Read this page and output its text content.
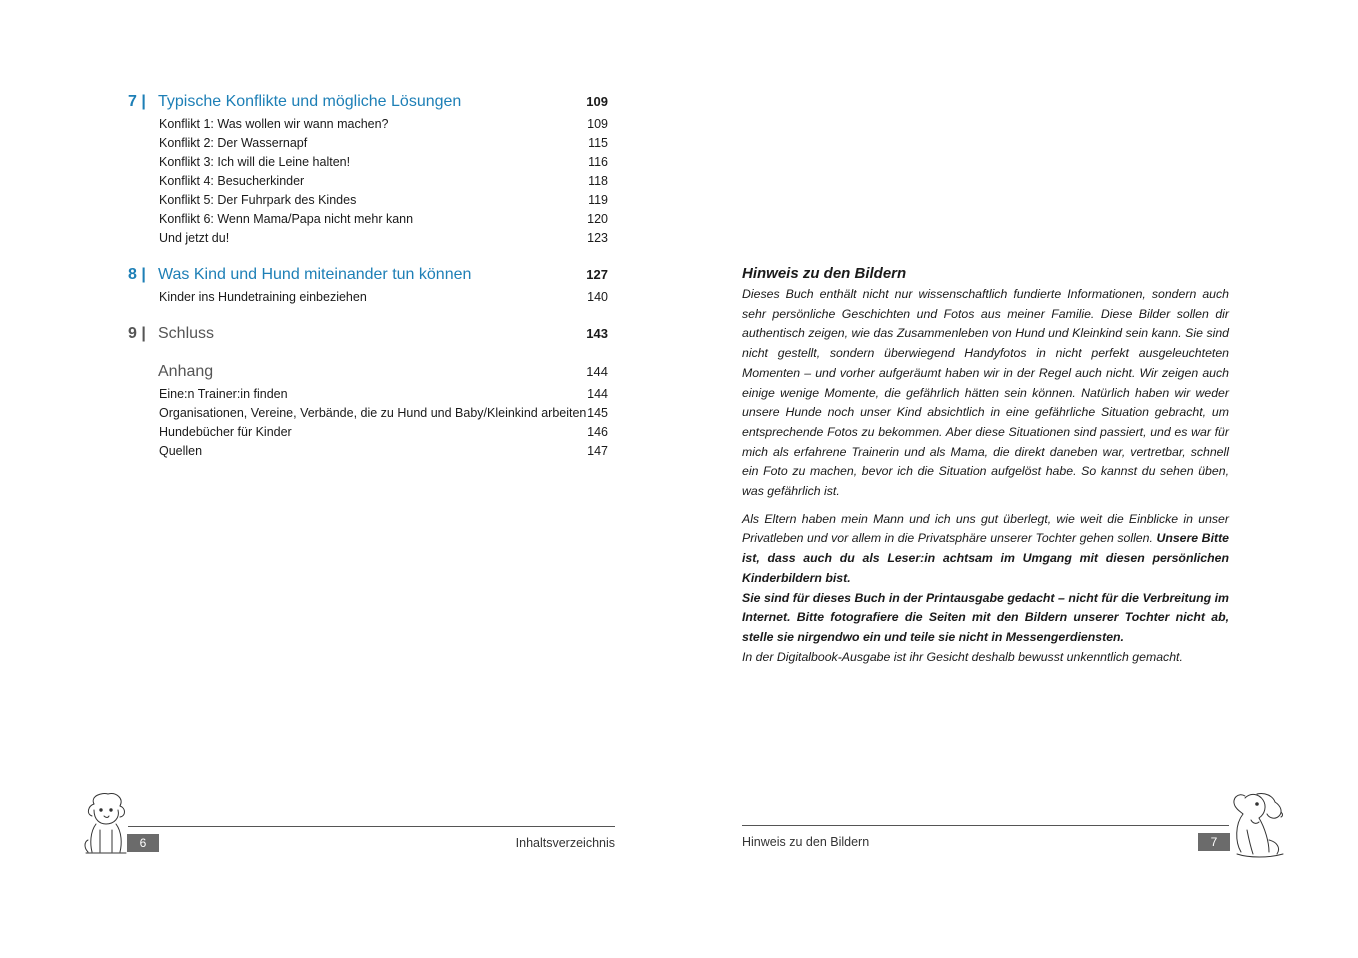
7 | Typische Konflikte und mögliche Lösungen	109
Konflikt 1: Was wollen wir wann machen?	109
Konflikt 2: Der Wassernapf	115
Konflikt 3: Ich will die Leine halten!	116
Konflikt 4: Besucherkinder	118
Konflikt 5: Der Fuhrpark des Kindes	119
Konflikt 6: Wenn Mama/Papa nicht mehr kann	120
Und jetzt du!	123
8 | Was Kind und Hund miteinander tun können	127
Kinder ins Hundetraining einbeziehen	140
9 | Schluss	143
Anhang	144
Eine:n Trainer:in finden	144
Organisationen, Vereine, Verbände, die zu Hund und Baby/Kleinkind arbeiten 145
Hundebücher für Kinder	146
Quellen	147
6	Inhaltsverzeichnis
Hinweis zu den Bildern

Dieses Buch enthält nicht nur wissenschaftlich fundierte Informationen, sondern auch sehr persönliche Geschichten und Fotos aus meiner Familie. Diese Bilder sollen dir authentisch zeigen, wie das Zusammenleben von Hund und Kleinkind sein kann. Sie sind nicht gestellt, sondern überwiegend Handyfotos in nicht perfekt ausgeleuchteten Momenten – und vorher aufgeräumt haben wir in der Regel auch nicht. Wir zeigen auch einige wenige Momente, die gefährlich hätten sein können. Natürlich haben wir weder unsere Hunde noch unser Kind absichtlich in eine gefährliche Situation gebracht, um entsprechende Fotos zu bekommen. Aber diese Situationen sind passiert, und es war für mich als erfahrene Trainerin und als Mama, die direkt daneben war, vertretbar, schnell ein Foto zu machen, bevor ich die Situation aufgelöst habe. So kannst du sehen üben, was gefährlich ist.

Als Eltern haben mein Mann und ich uns gut überlegt, wie weit die Einblicke in unser Privatleben und vor allem in die Privatsphäre unserer Tochter gehen sollen. Unsere Bitte ist, dass auch du als Leser:in achtsam im Umgang mit diesen persönlichen Kinderbildern bist.

Sie sind für dieses Buch in der Printausgabe gedacht – nicht für die Verbreitung im Internet. Bitte fotografiere die Seiten mit den Bildern unserer Tochter nicht ab, stelle sie nirgendwo ein und teile sie nicht in Messengerdiensten.

In der Digitalbook-Ausgabe ist ihr Gesicht deshalb bewusst unkenntlich gemacht.

Hinweis zu den Bildern	7
